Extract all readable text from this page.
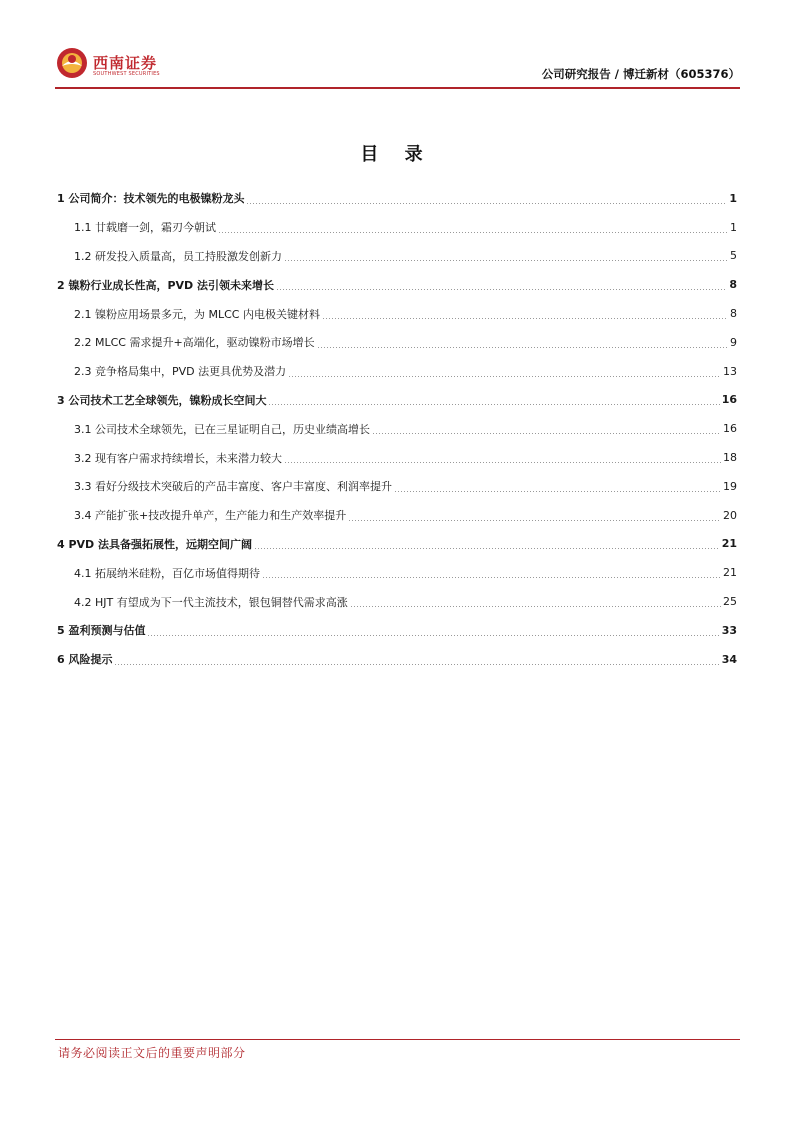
西南证券
SOUTHWEST SECURITIES	公司研究报告 / 博迁新材（605376）
目 录
1 公司简介：技术领先的电极镍粉龙头	1
1.1 廿载磨一剑，霜刃今朝试	1
1.2 研发投入质量高，员工持股激发创新力	5
2 镍粉行业成长性高，PVD 法引领未来增长	8
2.1 镍粉应用场景多元，为 MLCC 内电极关键材料	8
2.2 MLCC 需求提升+高端化，驱动镍粉市场增长	9
2.3 竞争格局集中，PVD 法更具优势及潜力	13
3 公司技术工艺全球领先，镍粉成长空间大	16
3.1 公司技术全球领先，已在三星证明自己，历史业绩高增长	16
3.2 现有客户需求持续增长，未来潜力较大	18
3.3 看好分级技术突破后的产品丰富度、客户丰富度、利润率提升	19
3.4 产能扩张+技改提升单产，生产能力和生产效率提升	20
4 PVD 法具备强拓展性，远期空间广阔	21
4.1 拓展纳米硅粉，百亿市场值得期待	21
4.2 HJT 有望成为下一代主流技术，银包铜替代需求高涨	25
5 盈利预测与估值	33
6 风险提示	34
请务必阅读正文后的重要声明部分
